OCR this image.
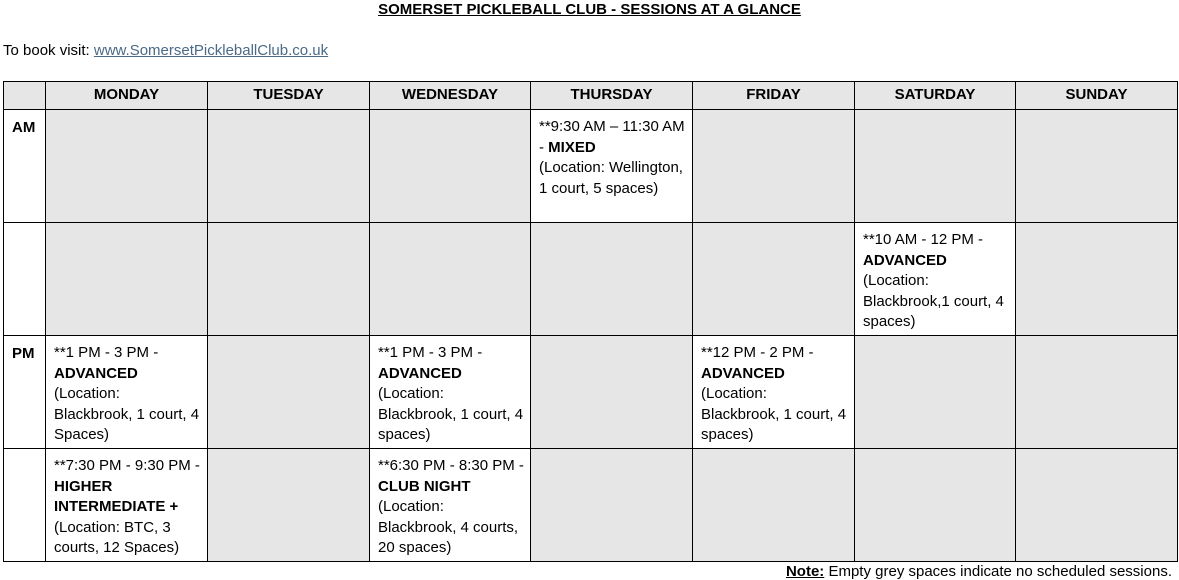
SOMERSET PICKLEBALL CLUB - SESSIONS AT A GLANCE
To book visit: www.SomersetPickleballClub.co.uk
	MONDAY	TUESDAY	WEDNESDAY	THURSDAY	FRIDAY	SATURDAY	SUNDAY
AM				**9:30 AM – 11:30 AM - MIXED
(Location: Wellington, 1 court, 5 spaces)			
						**10 AM - 12 PM -
ADVANCED
(Location: Blackbrook,1 court, 4 spaces)	
PM	**1 PM - 3 PM -
ADVANCED
(Location: Blackbrook, 1 court, 4 Spaces)		**1 PM - 3 PM -
ADVANCED
(Location: Blackbrook, 1 court, 4 spaces)		**12 PM - 2 PM -
ADVANCED
(Location: Blackbrook, 1 court, 4 spaces)		
	**7:30 PM - 9:30 PM - HIGHER INTERMEDIATE +
(Location: BTC, 3 courts, 12 Spaces)		**6:30 PM - 8:30 PM - CLUB NIGHT
(Location: Blackbrook, 4 courts, 20 spaces)				
Note: Empty grey spaces indicate no scheduled sessions.
